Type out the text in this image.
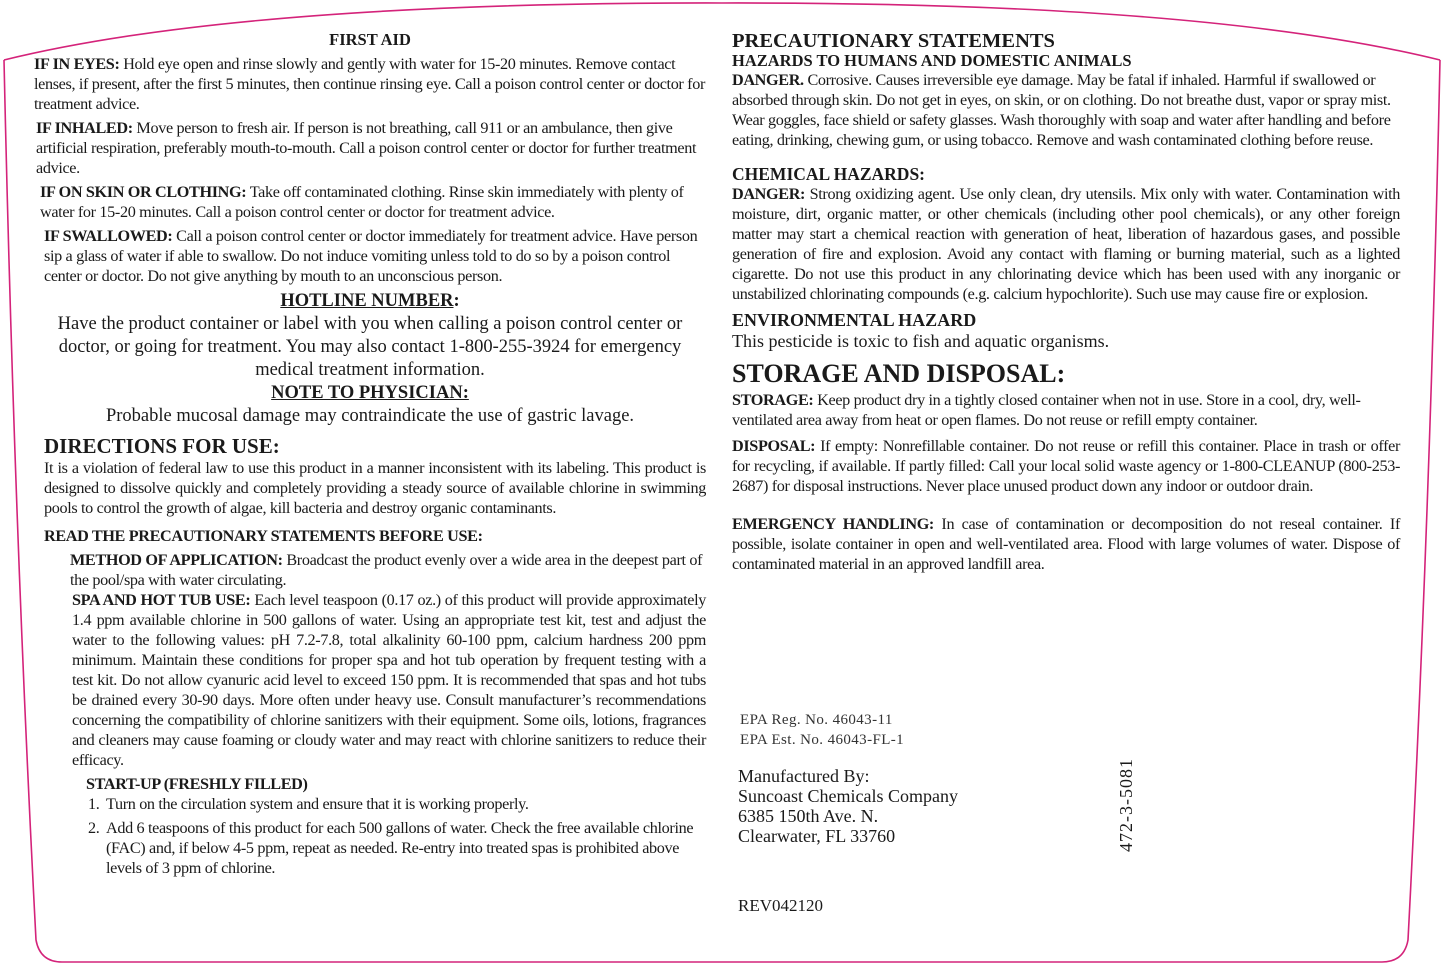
FIRST AID

IF IN EYES: Hold eye open and rinse slowly and gently with water for 15-20 minutes. Remove contact lenses, if present, after the first 5 minutes, then continue rinsing eye. Call a poison control center or doctor for treatment advice.

IF INHALED: Move person to fresh air. If person is not breathing, call 911 or an ambulance, then give artificial respiration, preferably mouth-to-mouth. Call a poison control center or doctor for further treatment advice.

IF ON SKIN OR CLOTHING: Take off contaminated clothing. Rinse skin immediately with plenty of water for 15-20 minutes. Call a poison control center or doctor for treatment advice.

IF SWALLOWED: Call a poison control center or doctor immediately for treatment advice. Have person sip a glass of water if able to swallow. Do not induce vomiting unless told to do so by a poison control center or doctor. Do not give anything by mouth to an unconscious person.

HOTLINE NUMBER:

Have the product container or label with you when calling a poison control center or doctor, or going for treatment. You may also contact 1-800-255-3924 for emergency medical treatment information.

NOTE TO PHYSICIAN:

Probable mucosal damage may contraindicate the use of gastric lavage.

DIRECTIONS FOR USE:

It is a violation of federal law to use this product in a manner inconsistent with its labeling. This product is designed to dissolve quickly and completely providing a steady source of available chlorine in swimming pools to control the growth of algae, kill bacteria and destroy organic contaminants.

READ THE PRECAUTIONARY STATEMENTS BEFORE USE:

METHOD OF APPLICATION: Broadcast the product evenly over a wide area in the deepest part of the pool/spa with water circulating.

SPA AND HOT TUB USE: Each level teaspoon (0.17 oz.) of this product will provide approximately 1.4 ppm available chlorine in 500 gallons of water. Using an appropriate test kit, test and adjust the water to the following values: pH 7.2-7.8, total alkalinity 60-100 ppm, calcium hardness 200 ppm minimum. Maintain these conditions for proper spa and hot tub operation by frequent testing with a test kit. Do not allow cyanuric acid level to exceed 150 ppm. It is recommended that spas and hot tubs be drained every 30-90 days. More often under heavy use. Consult manufacturer’s recommendations concerning the compatibility of chlorine sanitizers with their equipment. Some oils, lotions, fragrances and cleaners may cause foaming or cloudy water and may react with chlorine sanitizers to reduce their efficacy.

START-UP (FRESHLY FILLED)

1. Turn on the circulation system and ensure that it is working properly.
2. Add 6 teaspoons of this product for each 500 gallons of water. Check the free available chlorine (FAC) and, if below 4-5 ppm, repeat as needed. Re-entry into treated spas is prohibited above levels of 3 ppm of chlorine.

PRECAUTIONARY STATEMENTS

HAZARDS TO HUMANS AND DOMESTIC ANIMALS

DANGER. Corrosive. Causes irreversible eye damage. May be fatal if inhaled. Harmful if swallowed or absorbed through skin. Do not get in eyes, on skin, or on clothing. Do not breathe dust, vapor or spray mist. Wear goggles, face shield or safety glasses. Wash thoroughly with soap and water after handling and before eating, drinking, chewing gum, or using tobacco. Remove and wash contaminated clothing before reuse.

CHEMICAL HAZARDS:

DANGER: Strong oxidizing agent. Use only clean, dry utensils. Mix only with water. Contamination with moisture, dirt, organic matter, or other chemicals (including other pool chemicals), or any other foreign matter may start a chemical reaction with generation of heat, liberation of hazardous gases, and possible generation of fire and explosion. Avoid any contact with flaming or burning material, such as a lighted cigarette. Do not use this product in any chlorinating device which has been used with any inorganic or unstabilized chlorinating compounds (e.g. calcium hypochlorite). Such use may cause fire or explosion.

ENVIRONMENTAL HAZARD

This pesticide is toxic to fish and aquatic organisms.

STORAGE AND DISPOSAL:

STORAGE: Keep product dry in a tightly closed container when not in use. Store in a cool, dry, well-ventilated area away from heat or open flames. Do not reuse or refill empty container.

DISPOSAL: If empty: Nonrefillable container. Do not reuse or refill this container. Place in trash or offer for recycling, if available. If partly filled: Call your local solid waste agency or 1-800-CLEANUP (800-253-2687) for disposal instructions. Never place unused product down any indoor or outdoor drain.

EMERGENCY HANDLING: In case of contamination or decomposition do not reseal container. If possible, isolate container in open and well-ventilated area. Flood with large volumes of water. Dispose of contaminated material in an approved landfill area.

EPA Reg. No. 46043-11
EPA Est. No. 46043-FL-1
Manufactured By:
Suncoast Chemicals Company
6385 150th Ave. N.
Clearwater, FL 33760	472-3-5081
REV042120
